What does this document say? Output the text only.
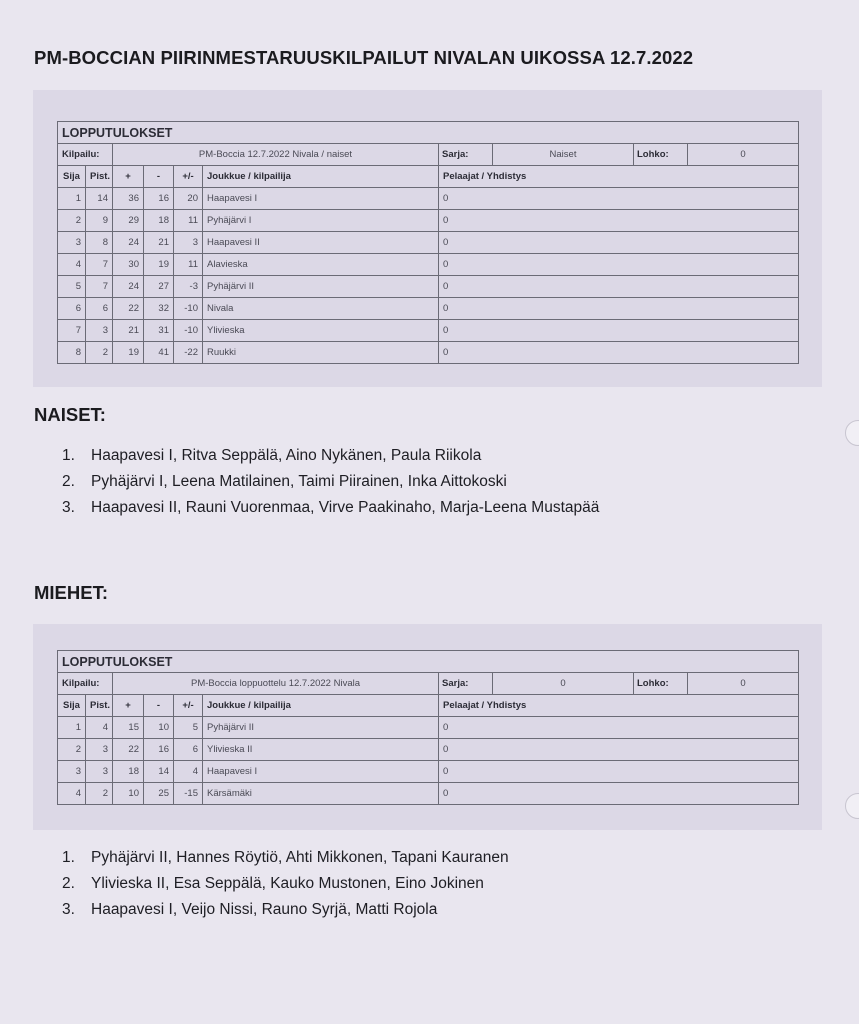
PM-BOCCIAN PIIRINMESTARUUSKILPAILUT NIVALAN UIKOSSA 12.7.2022
LOPPUTULOKSET						
Kilpailu:		PM-Boccia 12.7.2022 Nivala / naiset				Sarja: Naiset Lohko: 0

Sija	Pist.	+	-	+/-	Joukkue / kilpailija	Pelaajat / Yhdistys
1	14	36	16	20	Haapavesi I	0
2	9	29	18	11	Pyhäjärvi I	0
3	8	24	21	3	Haapavesi II	0
4	7	30	19	11	Alavieska	0
5	7	24	27	-3	Pyhäjärvi II	0
6	6	22	32	-10	Nivala	0
7	3	21	31	-10	Ylivieska	0
8	2	19	41	-22	Ruukki	0
NAISET:
1.	Haapavesi I, Ritva Seppälä, Aino Nykänen, Paula Riikola
2.	Pyhäjärvi I, Leena Matilainen, Taimi Piirainen, Inka Aittokoski
3.	Haapavesi II, Rauni Vuorenmaa, Virve Paakinaho, Marja-Leena Mustapää
MIEHET:
LOPPUTULOKSET						
Kilpailu:		PM-Boccia loppuottelu 12.7.2022 Nivala				Sarja: 0 Lohko: 0

Sija	Pist.	+	-	+/-	Joukkue / kilpailija	Pelaajat / Yhdistys
1	4	15	10	5	Pyhäjärvi II	0
2	3	22	16	6	Ylivieska II	0
3	3	18	14	4	Haapavesi I	0
4	2	10	25	-15	Kärsämäki	0
1.	Pyhäjärvi II, Hannes Röytiö, Ahti Mikkonen, Tapani Kauranen
2.	Ylivieska II, Esa Seppälä, Kauko Mustonen, Eino Jokinen
3.	Haapavesi I, Veijo Nissi, Rauno Syrjä, Matti Rojola
